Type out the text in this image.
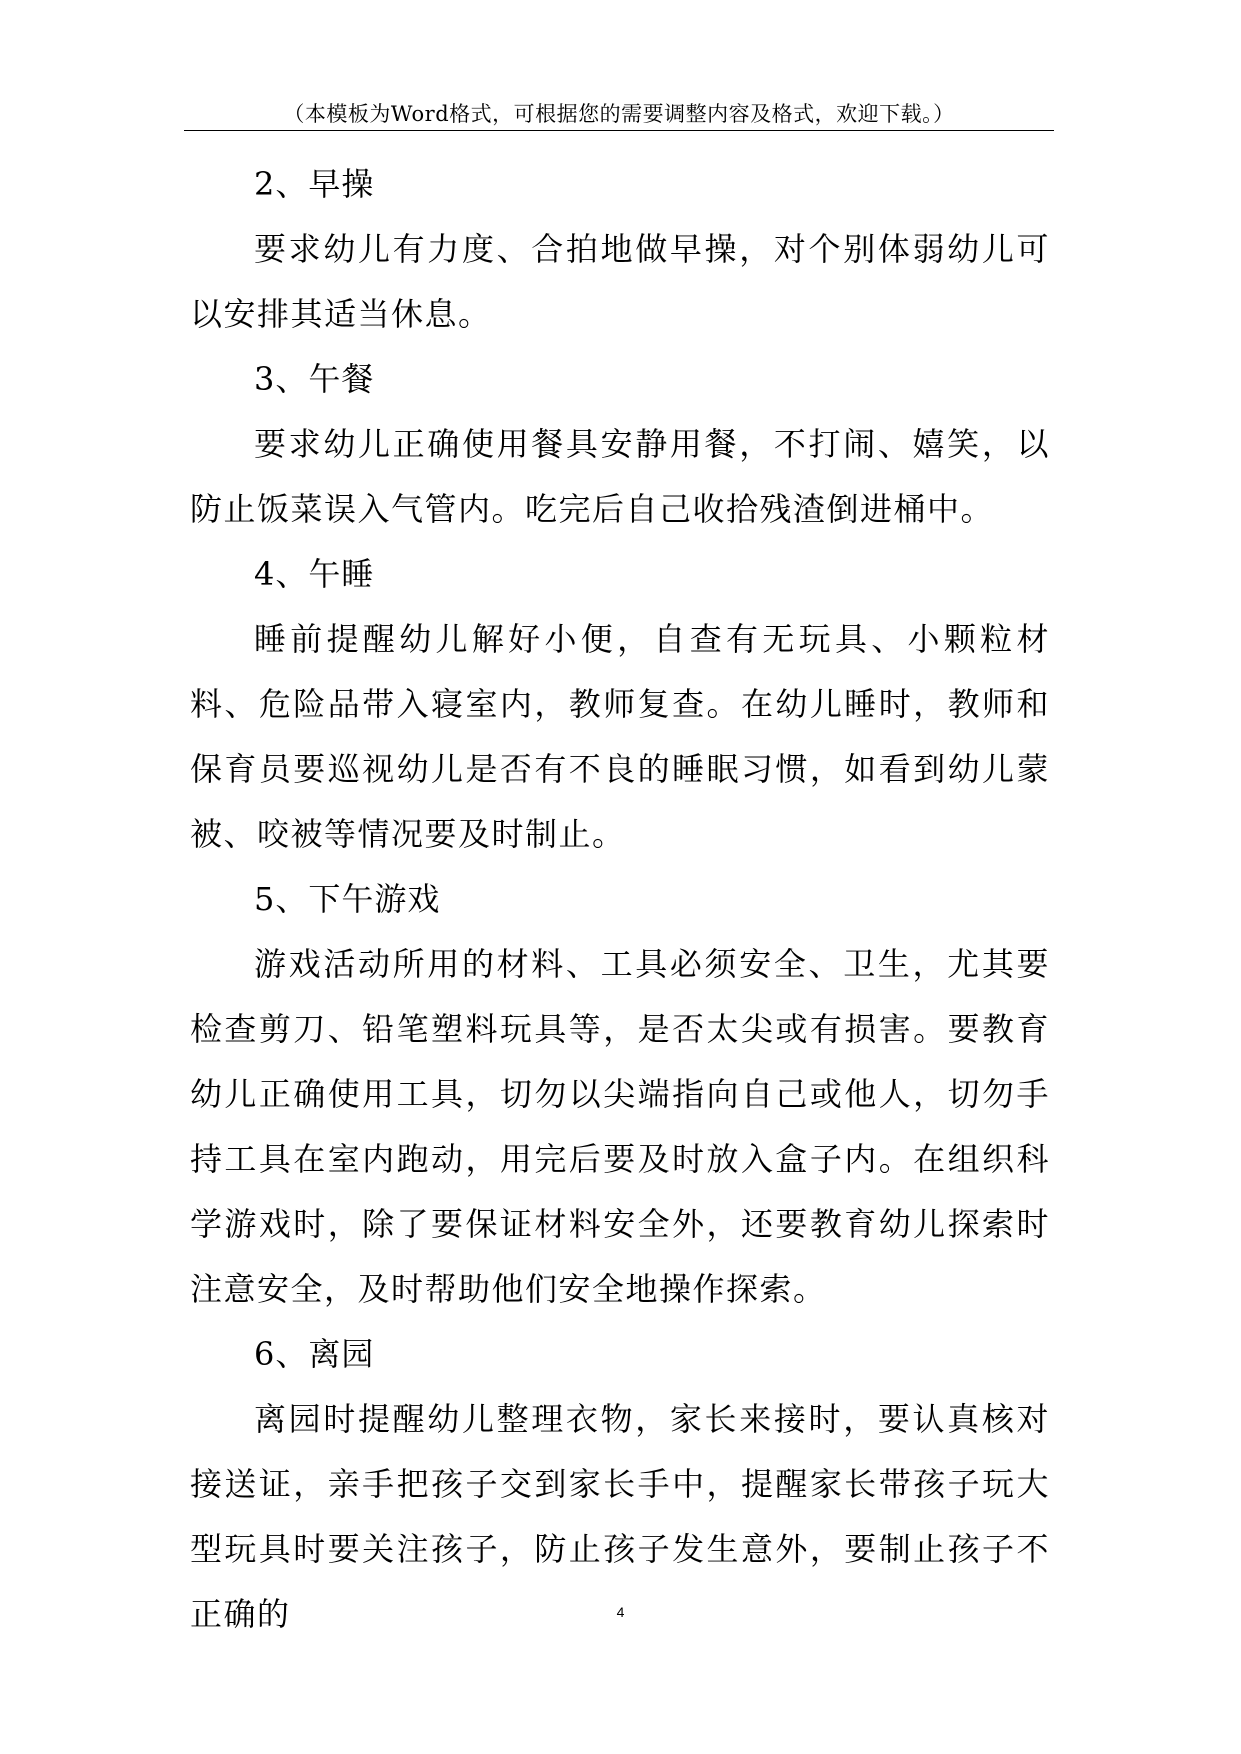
（本模板为Word格式，可根据您的需要调整内容及格式，欢迎下载。）

2、早操

要求幼儿有力度、合拍地做早操，对个别体弱幼儿可以安排其适当休息。

3、午餐

要求幼儿正确使用餐具安静用餐，不打闹、嬉笑，以防止饭菜误入气管内。吃完后自己收拾残渣倒进桶中。

4、午睡

睡前提醒幼儿解好小便，自查有无玩具、小颗粒材料、危险品带入寝室内，教师复查。在幼儿睡时，教师和保育员要巡视幼儿是否有不良的睡眠习惯，如看到幼儿蒙被、咬被等情况要及时制止。

5、下午游戏

游戏活动所用的材料、工具必须安全、卫生，尤其要检查剪刀、铅笔塑料玩具等，是否太尖或有损害。要教育幼儿正确使用工具，切勿以尖端指向自己或他人，切勿手持工具在室内跑动，用完后要及时放入盒子内。在组织科学游戏时，除了要保证材料安全外，还要教育幼儿探索时注意安全，及时帮助他们安全地操作探索。

6、离园

离园时提醒幼儿整理衣物，家长来接时，要认真核对接送证，亲手把孩子交到家长手中，提醒家长带孩子玩大型玩具时要关注孩子，防止孩子发生意外，要制止孩子不正确的	4
